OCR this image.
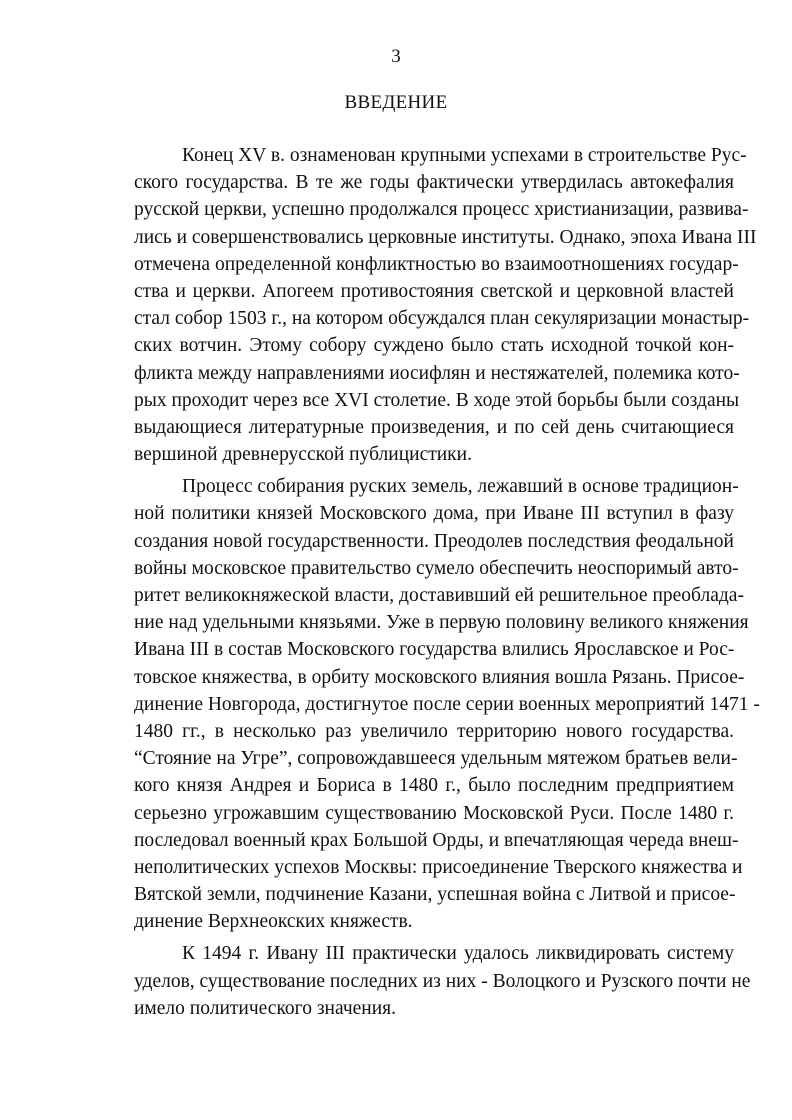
3
ВВЕДЕНИЕ
Конец XV в. ознаменован крупными успехами в строительстве Рус-
ского государства. В те же годы фактически утвердилась автокефалия
русской церкви, успешно продолжался процесс христианизации, развива-
лись и совершенствовались церковные институты. Однако, эпоха Ивана III
отмечена определенной конфликтностью во взаимоотношениях государ-
ства и церкви. Апогеем противостояния светской и церковной властей
стал собор 1503 г., на котором обсуждался план секуляризации монастыр-
ских вотчин. Этому собору суждено было стать исходной точкой кон-
фликта между направлениями иосифлян и нестяжателей, полемика кото-
рых проходит через все XVI столетие. В ходе этой борьбы были созданы
выдающиеся литературные произведения, и по сей день считающиеся
вершиной древнерусской публицистики.
Процесс собирания руских земель, лежавший в основе традицион-
ной политики князей Московского дома, при Иване III вступил в фазу
создания новой государственности. Преодолев последствия феодальной
войны московское правительство сумело обеспечить неоспоримый авто-
ритет великокняжеской власти, доставивший ей решительное преоблада-
ние над удельными князьями. Уже в первую половину великого княжения
Ивана III в состав Московского государства влились Ярославское и Рос-
товское княжества, в орбиту московского влияния вошла Рязань. Присое-
динение Новгорода, достигнутое после серии военных мероприятий 1471 -
1480 гг., в несколько раз увеличило территорию нового государства.
“Стояние на Угре”, сопровождавшееся удельным мятежом братьев вели-
кого князя Андрея и Бориса в 1480 г., было последним предприятием
серьезно угрожавшим существованию Московской Руси. После 1480 г.
последовал военный крах Большой Орды, и впечатляющая череда внеш-
неполитических успехов Москвы: присоединение Тверского княжества и
Вятской земли, подчинение Казани, успешная война с Литвой и присое-
динение Верхнеокских княжеств.
К 1494 г. Ивану III практически удалось ликвидировать систему
уделов, существование последних из них - Волоцкого и Рузского почти не
имело политического значения.
